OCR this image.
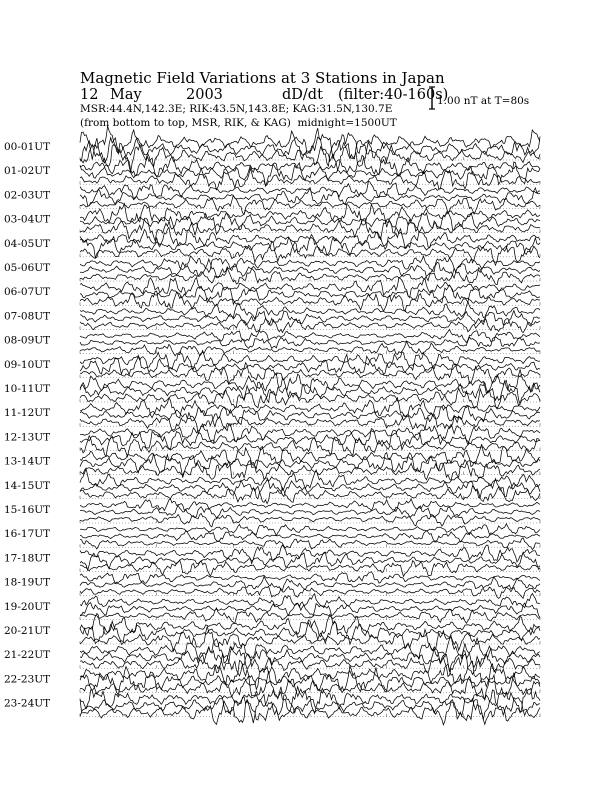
Magnetic Field Variations at 3 Stations in Japan
12 May	2003	dD/dt (filter:40-160s)
MSR:44.4N,142.3E; RIK:43.5N,143.8E; KAG:31.5N,130.7E
(from bottom to top, MSR, RIK, & KAG) midnight=1500UT
1.00 nT at T=80s
00-01UT
01-02UT
02-03UT
03-04UT
04-05UT
05-06UT
06-07UT
07-08UT
08-09UT
09-10UT
10-11UT
11-12UT
12-13UT
13-14UT
14-15UT
15-16UT
16-17UT
17-18UT
18-19UT
19-20UT
20-21UT
21-22UT
22-23UT
23-24UT
